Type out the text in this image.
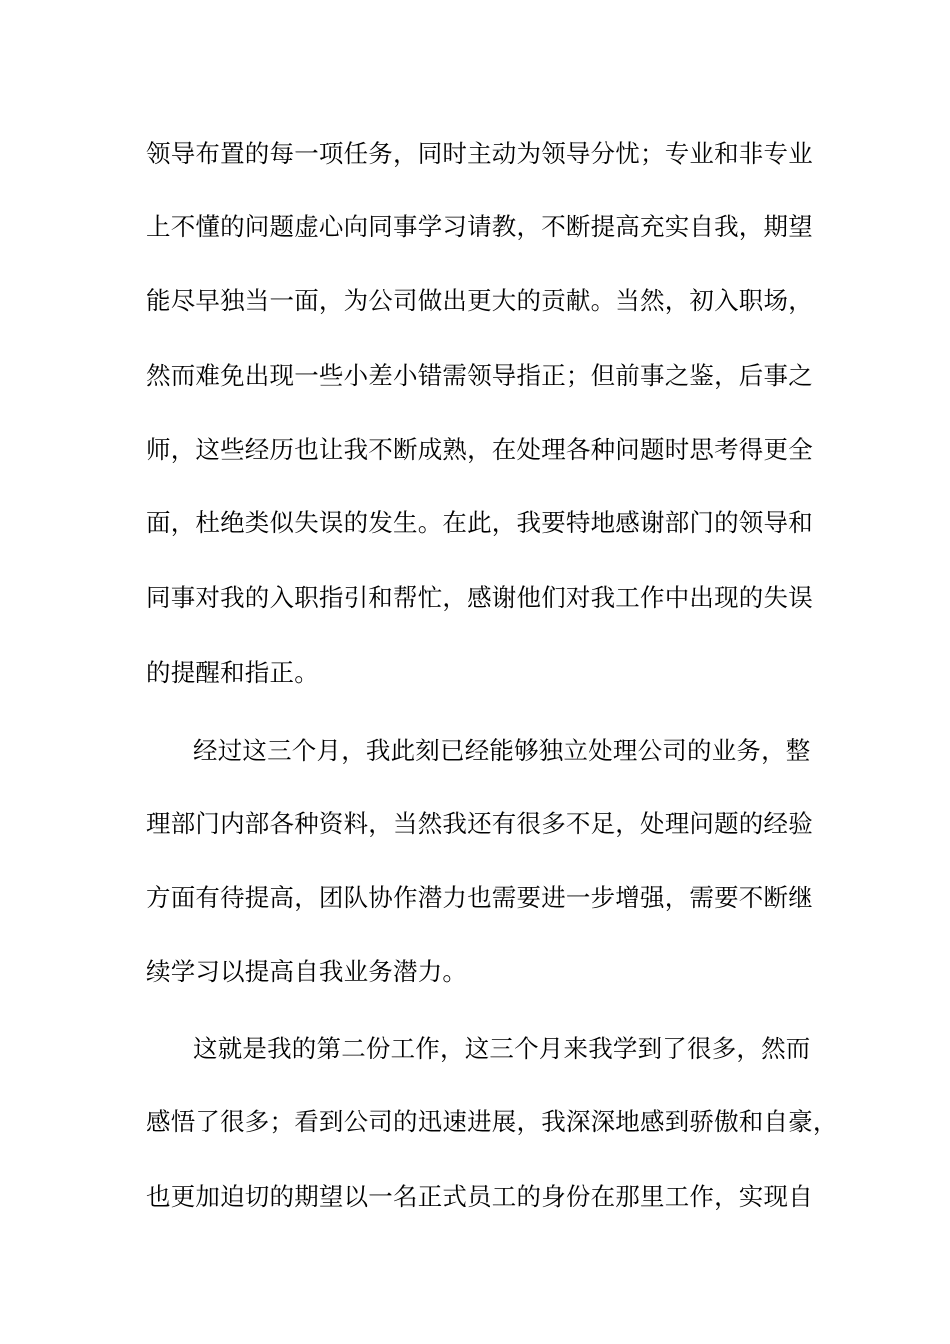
领导布置的每一项任务，同时主动为领导分忧；专业和非专业
上不懂的问题虚心向同事学习请教，不断提高充实自我，期望
能尽早独当一面，为公司做出更大的贡献。当然，初入职场，
然而难免出现一些小差小错需领导指正；但前事之鉴，后事之
师，这些经历也让我不断成熟，在处理各种问题时思考得更全
面，杜绝类似失误的发生。在此，我要特地感谢部门的领导和
同事对我的入职指引和帮忙，感谢他们对我工作中出现的失误
的提醒和指正。
经过这三个月，我此刻已经能够独立处理公司的业务，整
理部门内部各种资料，当然我还有很多不足，处理问题的经验
方面有待提高，团队协作潜力也需要进一步增强，需要不断继
续学习以提高自我业务潜力。
这就是我的第二份工作，这三个月来我学到了很多，然而
感悟了很多；看到公司的迅速进展，我深深地感到骄傲和自豪，
也更加迫切的期望以一名正式员工的身份在那里工作，实现自
